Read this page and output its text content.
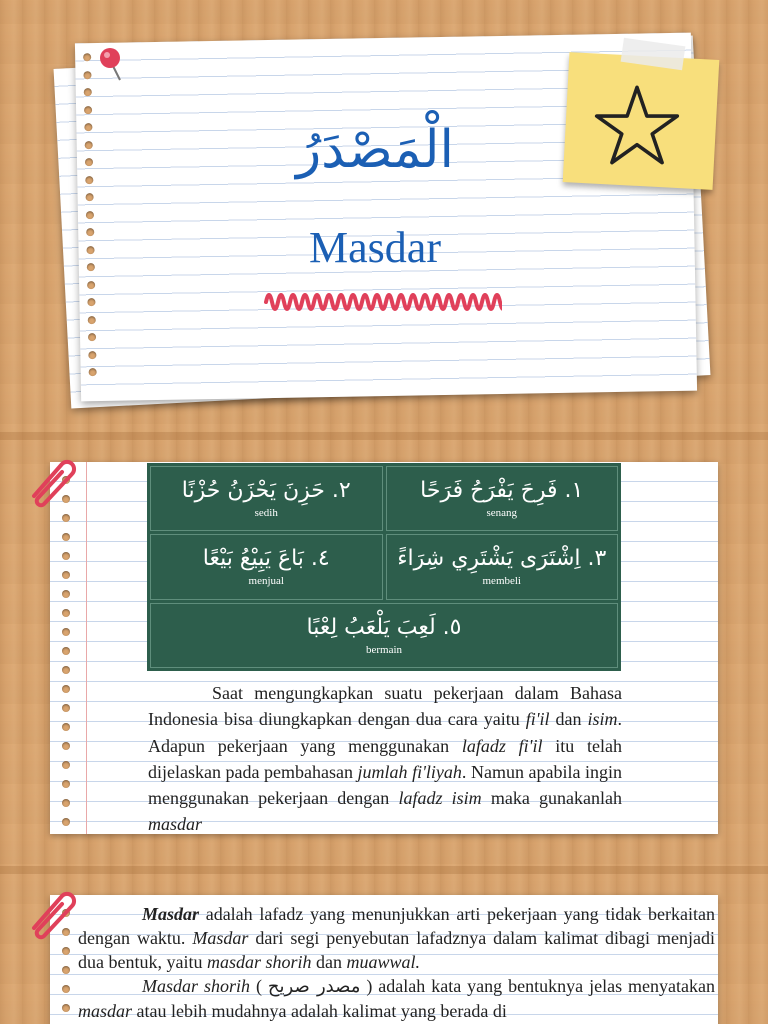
الْمَصْدَرُ
Masdar
٢. حَزِنَ يَحْزَنُ حُزْنًا
sedih
١. فَرِحَ يَفْرَحُ فَرَحًا
senang
٤. بَاعَ يَبِيْعُ بَيْعًا
menjual
٣. اِشْتَرَى يَشْتَرِي شِرَاءً
membeli
٥. لَعِبَ يَلْعَبُ لِعْبًا
bermain

Saat mengungkapkan suatu pekerjaan dalam Bahasa Indonesia bisa diungkapkan dengan dua cara yaitu fi'il dan isim. Adapun pekerjaan yang menggunakan lafadz fi'il itu telah dijelaskan pada pembahasan jumlah fi'liyah. Namun apabila ingin menggunakan pekerjaan dengan lafadz isim maka gunakanlah masdar

Masdar adalah lafadz yang menunjukkan arti pekerjaan yang tidak berkaitan dengan waktu. Masdar dari segi penyebutan lafadznya dalam kalimat dibagi menjadi dua bentuk, yaitu masdar shorih dan muawwal.
Masdar shorih ( مصدر صريح ) adalah kata yang bentuknya jelas menyatakan masdar atau lebih mudahnya adalah kalimat yang berada di
